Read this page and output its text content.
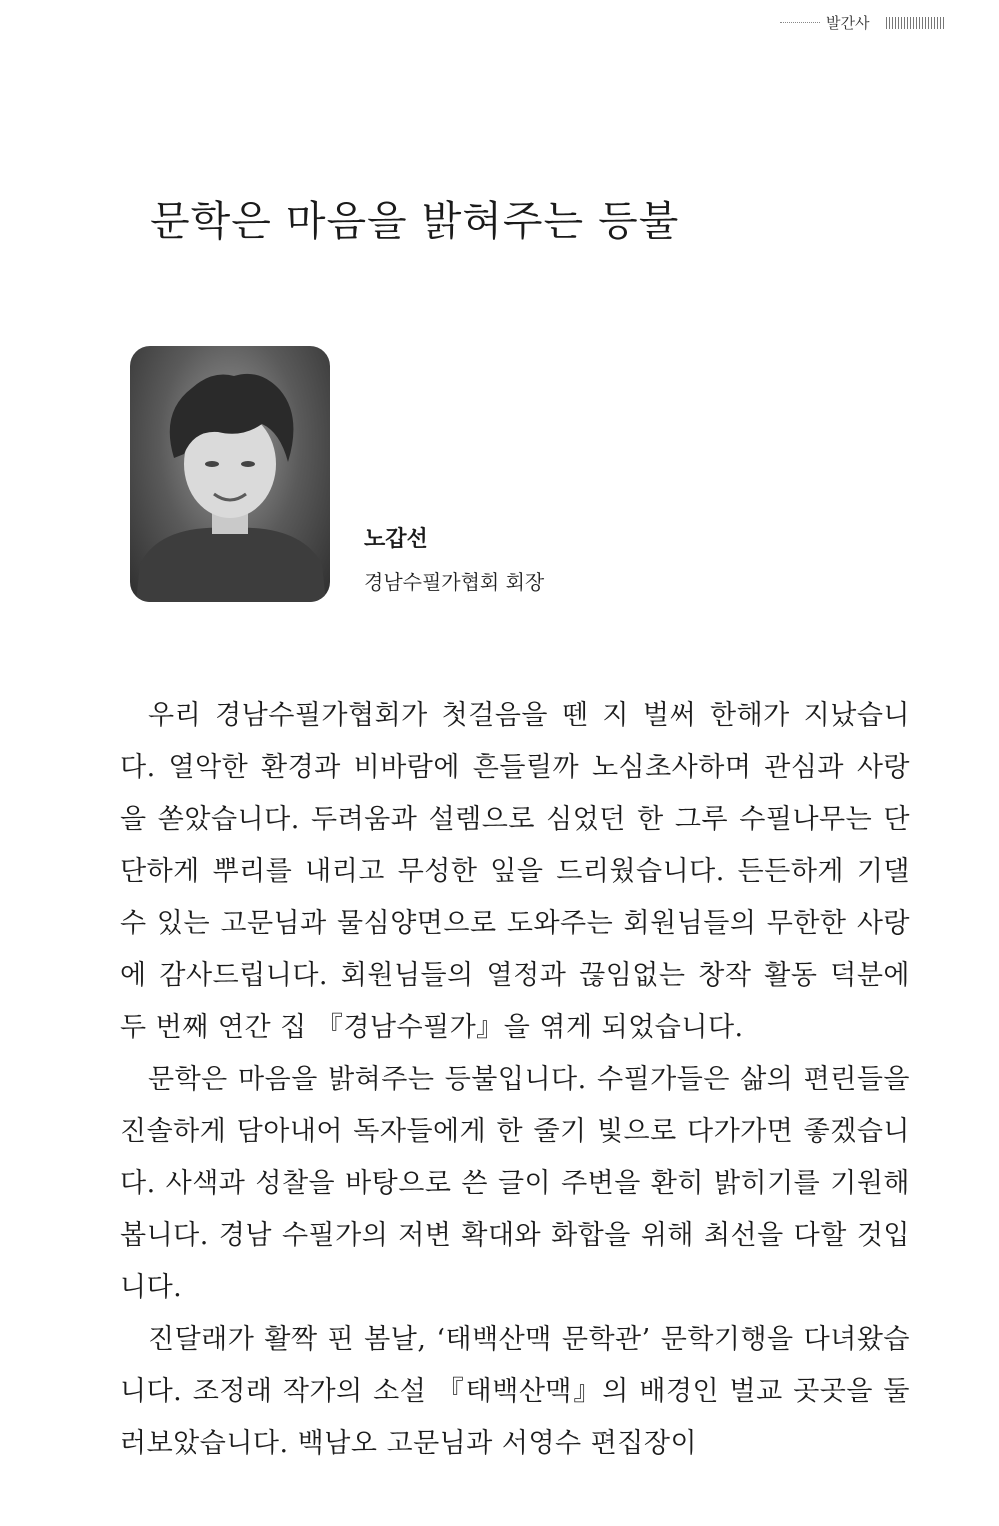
발간사
문학은 마음을 밝혀주는 등불
노갑선
경남수필가협회 회장

우리 경남수필가협회가 첫걸음을 뗀 지 벌써 한해가 지났습니다. 열악한 환경과 비바람에 흔들릴까 노심초사하며 관심과 사랑을 쏟았습니다. 두려움과 설렘으로 심었던 한 그루 수필나무는 단단하게 뿌리를 내리고 무성한 잎을 드리웠습니다. 든든하게 기댈 수 있는 고문님과 물심양면으로 도와주는 회원님들의 무한한 사랑에 감사드립니다. 회원님들의 열정과 끊임없는 창작 활동 덕분에 두 번째 연간 집 『경남수필가』을 엮게 되었습니다.

문학은 마음을 밝혀주는 등불입니다. 수필가들은 삶의 편린들을 진솔하게 담아내어 독자들에게 한 줄기 빛으로 다가가면 좋겠습니다. 사색과 성찰을 바탕으로 쓴 글이 주변을 환히 밝히기를 기원해 봅니다. 경남 수필가의 저변 확대와 화합을 위해 최선을 다할 것입니다.

진달래가 활짝 핀 봄날, ‘태백산맥 문학관’ 문학기행을 다녀왔습니다. 조정래 작가의 소설 『태백산맥』의 배경인 벌교 곳곳을 둘러보았습니다. 백남오 고문님과 서영수 편집장이
